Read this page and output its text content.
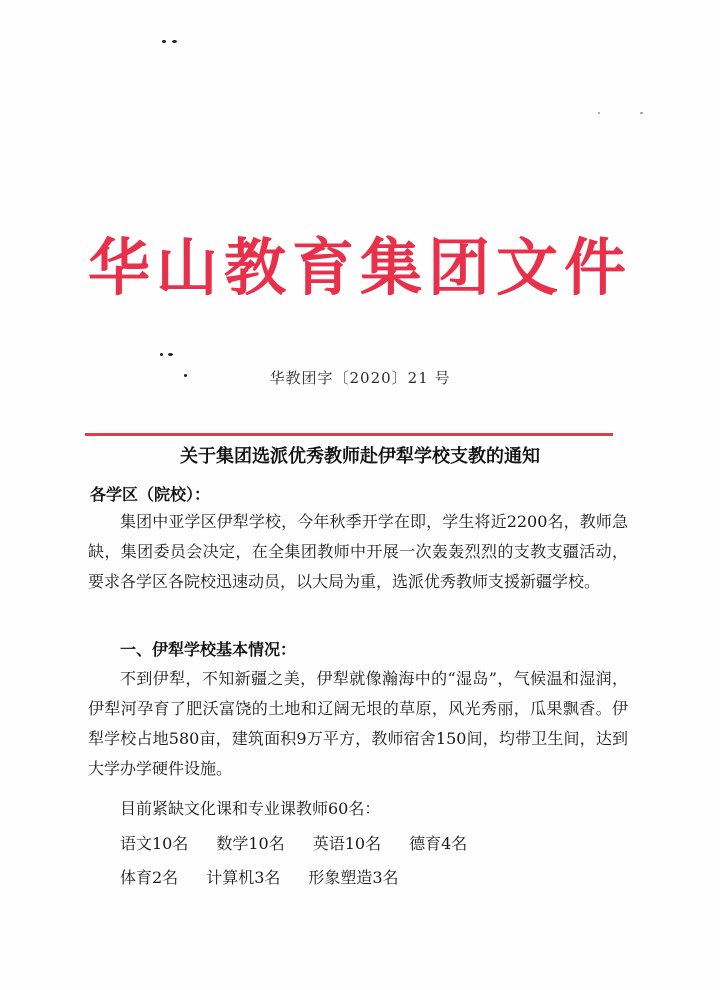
华山教育集团文件
华教团字〔2020〕21 号
关于集团选派优秀教师赴伊犁学校支教的通知
各学区（院校）：
集团中亚学区伊犁学校，今年秋季开学在即，学生将近2200名，教师急缺，集团委员会决定，在全集团教师中开展一次轰轰烈烈的支教支疆活动，要求各学区各院校迅速动员，以大局为重，选派优秀教师支援新疆学校。
一、伊犁学校基本情况：
不到伊犁，不知新疆之美，伊犁就像瀚海中的“湿岛”，气候温和湿润，伊犁河孕育了肥沃富饶的土地和辽阔无垠的草原，风光秀丽，瓜果飘香。伊犁学校占地580亩，建筑面积9万平方，教师宿舍150间，均带卫生间，达到大学办学硬件设施。
目前紧缺文化课和专业课教师60名：
语文10名 数学10名 英语10名 德育4名
体育2名 计算机3名 形象塑造3名
